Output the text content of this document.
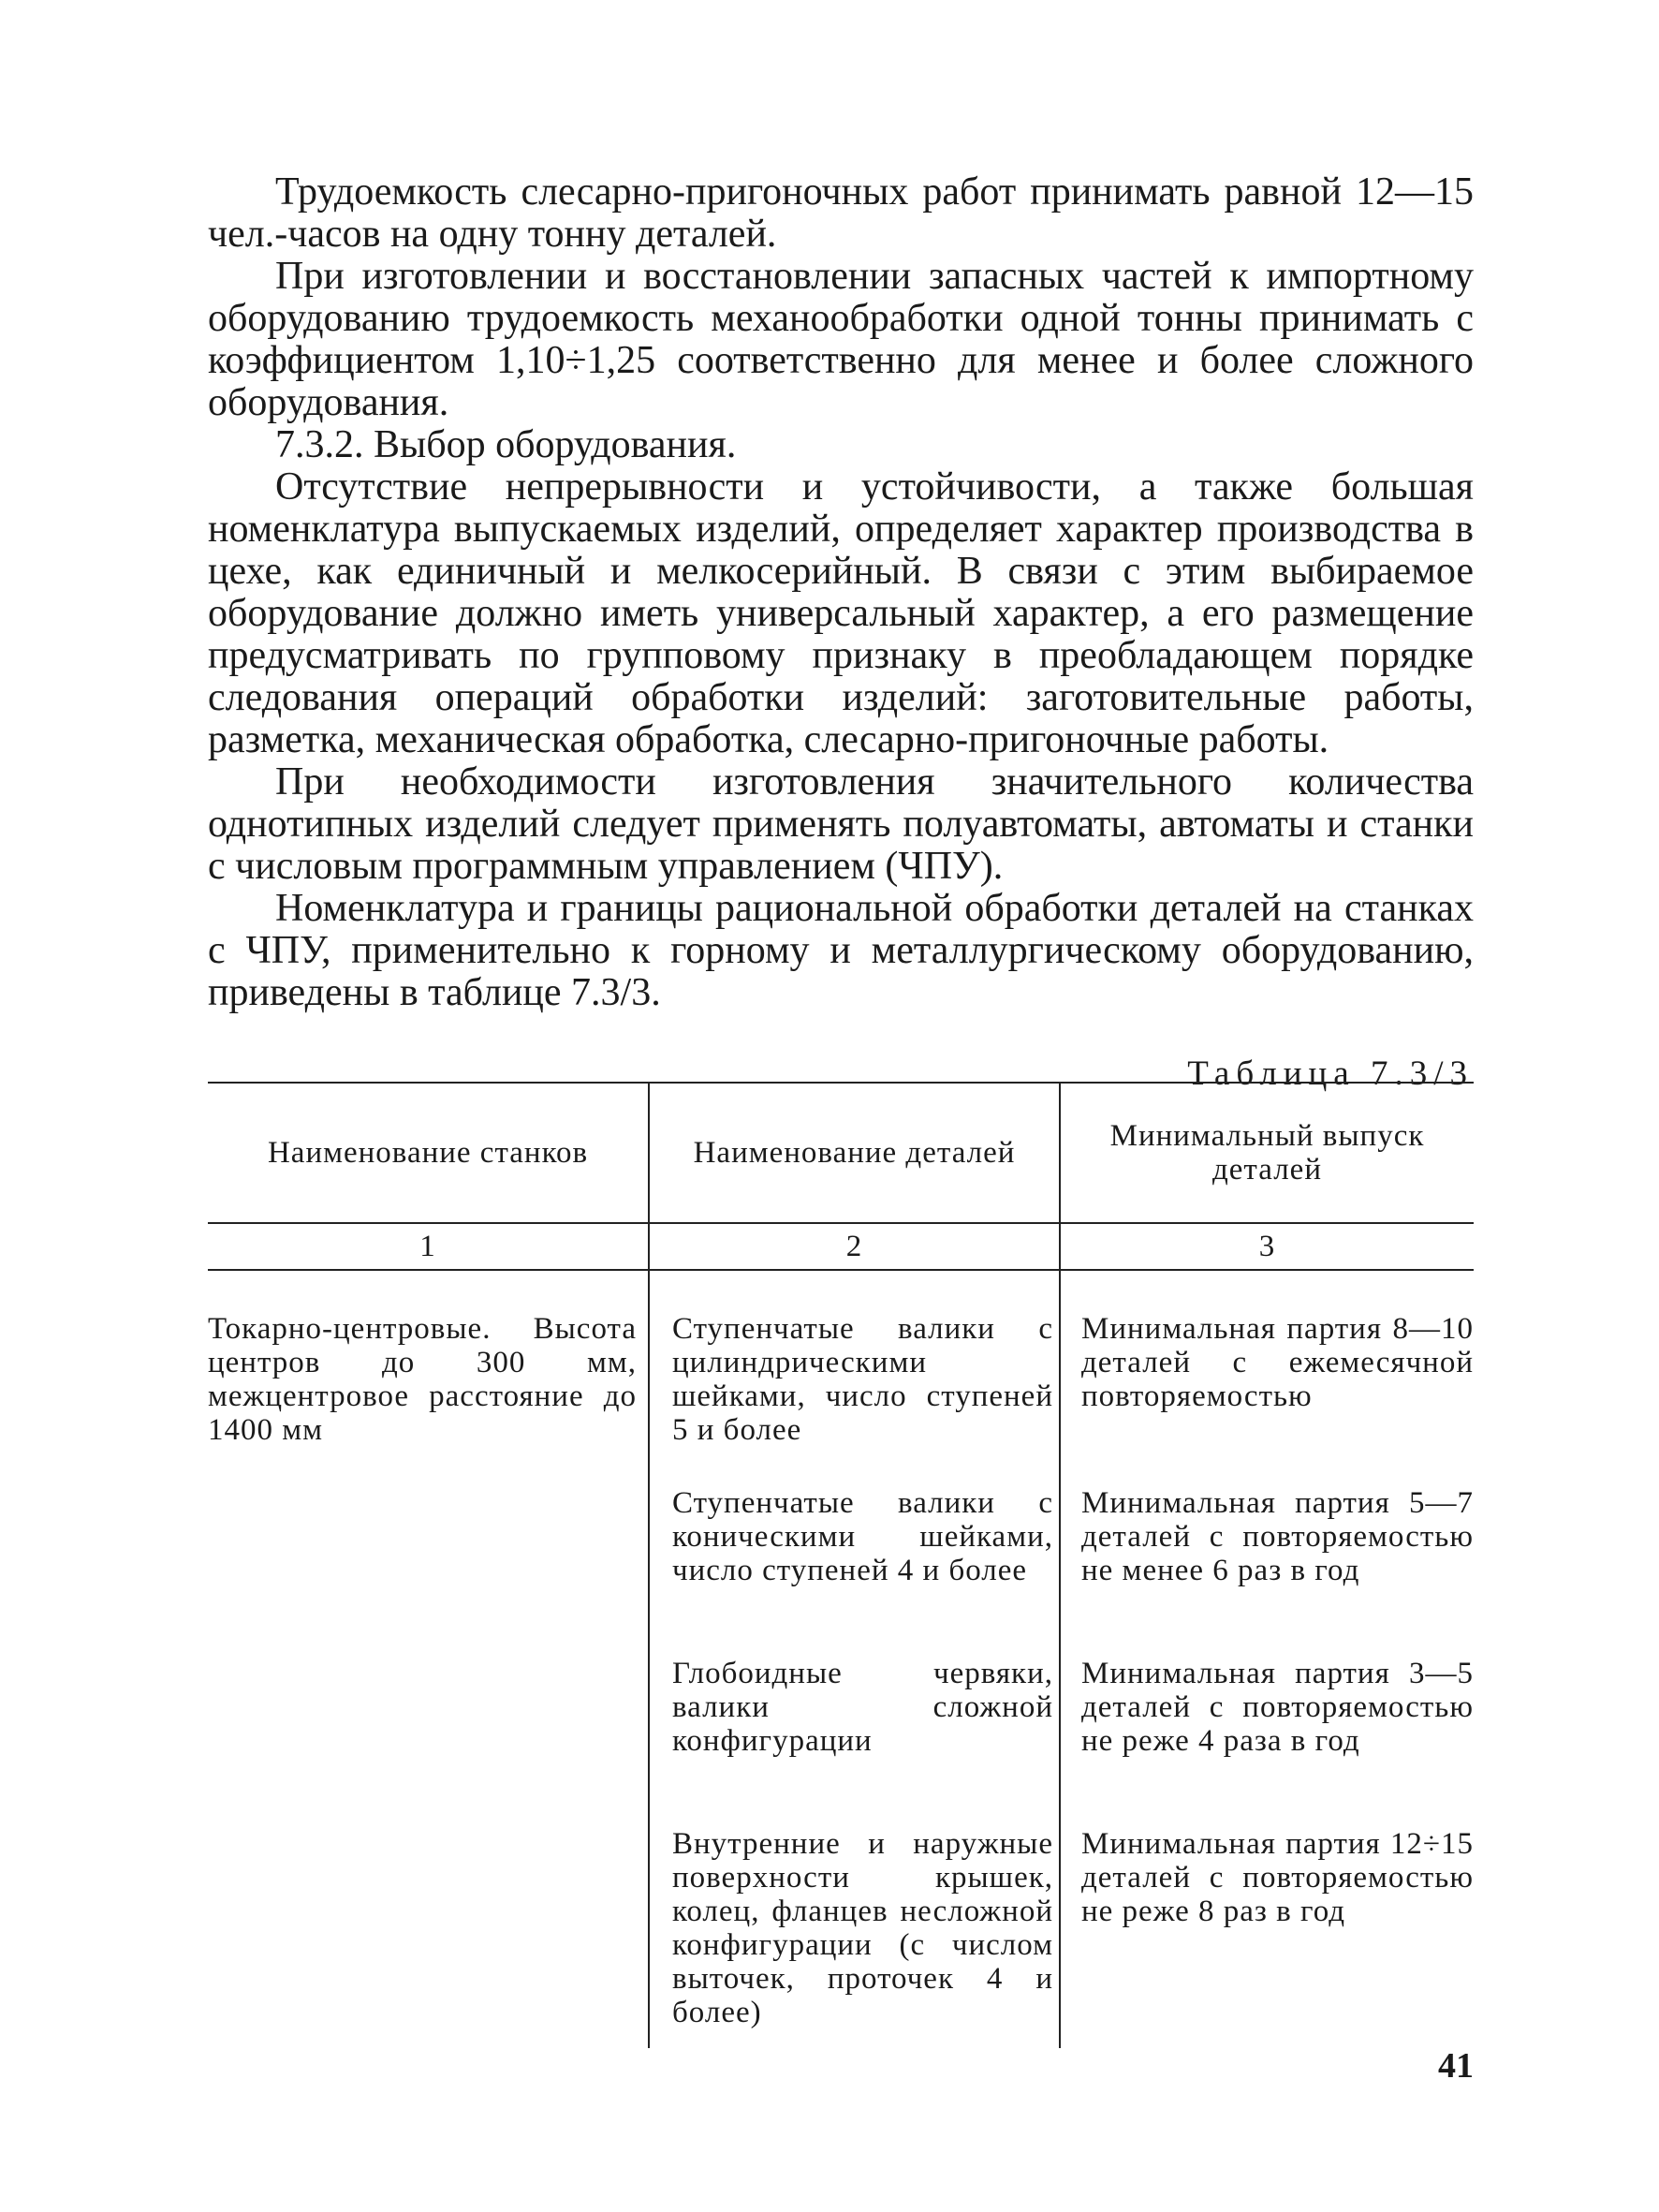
Трудоемкость слесарно-пригоночных работ принимать равной 12—15 чел.-часов на одну тонну деталей.

При изготовлении и восстановлении запасных частей к импортному оборудованию трудоемкость механообработки одной тонны принимать с коэффициентом 1,10÷1,25 соответственно для менее и более сложного оборудования.

7.3.2. Выбор оборудования.

Отсутствие непрерывности и устойчивости, а также большая номенклатура выпускаемых изделий, определяет характер производства в цехе, как единичный и мелкосерийный. В связи с этим выбираемое оборудование должно иметь универсальный характер, а его размещение предусматривать по групповому признаку в преобладающем порядке следования операций обработки изделий: заготовительные работы, разметка, механическая обработка, слесарно-пригоночные работы.

При необходимости изготовления значительного количества однотипных изделий следует применять полуавтоматы, автоматы и станки с числовым программным управлением (ЧПУ).

Номенклатура и границы рациональной обработки деталей на станках с ЧПУ, применительно к горному и металлургическому оборудованию, приведены в таблице 7.3/3.

Таблица 7.3/3
Наименование станков	Наименование деталей	Минимальный выпуск деталей
1	2	3

Токарно-центровые. Высота центров до 300 мм, межцентровое расстояние до 1400 мм	Ступенчатые валики с цилиндрическими шейками, число ступеней 5 и более	Минимальная партия 8—10 деталей с ежемесячной повторяемостью

	Ступенчатые валики с коническими шейками, число ступеней 4 и более	Минимальная партия 5—7 деталей с повторяемостью не менее 6 раз в год

	Глобоидные червяки, валики сложной конфигурации	Минимальная партия 3—5 деталей с повторяемостью не реже 4 раза в год

	Внутренние и наружные поверхности крышек, колец, фланцев несложной конфигурации (с числом выточек, проточек 4 и более)	Минимальная партия 12÷15 деталей с повторяемостью не реже 8 раз в год
41
